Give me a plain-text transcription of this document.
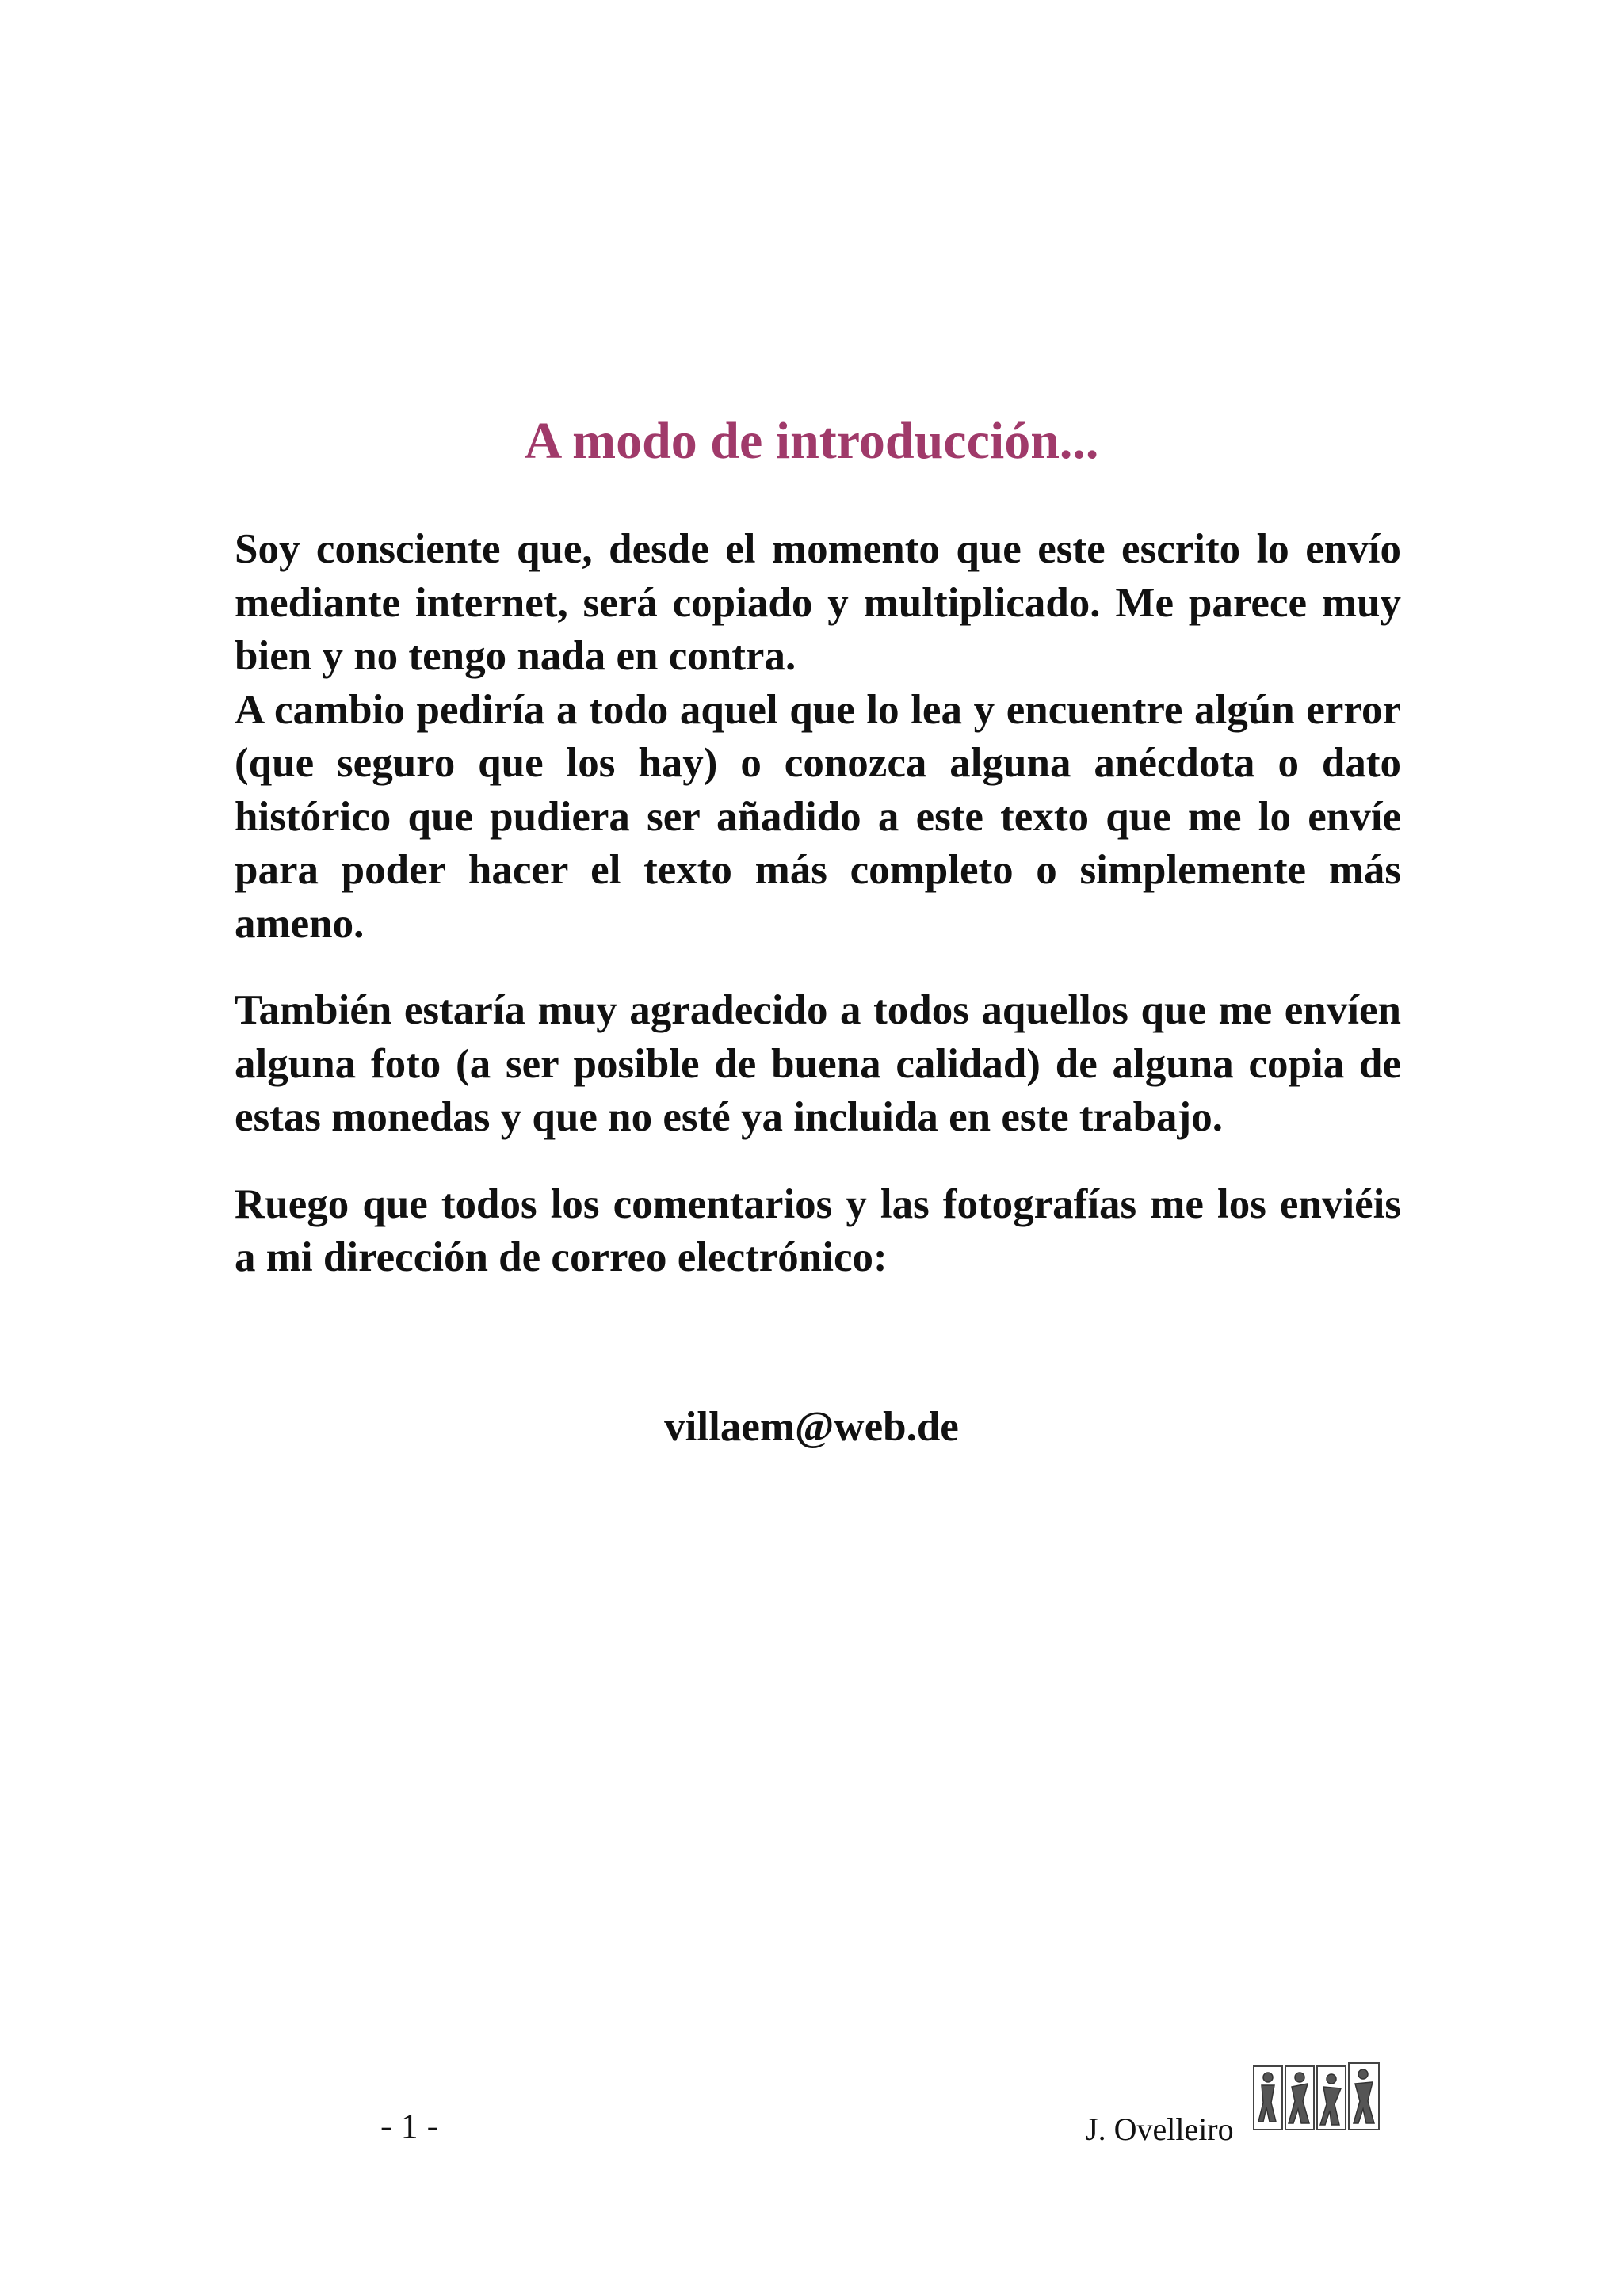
A modo de introducción...

Soy consciente que, desde el momento que este escrito lo envío mediante internet, será copiado y multiplicado. Me parece muy bien y no tengo nada en contra.

A cambio pediría a todo aquel que lo lea y encuentre algún error (que seguro que los hay) o conozca alguna anécdota o dato histórico que pudiera ser añadido a este texto que me lo envíe para poder hacer el texto más completo o simplemente más ameno.

También estaría muy agradecido a todos aquellos que me envíen alguna foto (a ser posible de buena calidad) de alguna copia de estas monedas y que no esté ya incluida en este trabajo.

Ruego que todos los comentarios y las fotografías me los enviéis a mi dirección de correo electrónico:

villaem@web.de

- 1 -	J. Ovelleiro
